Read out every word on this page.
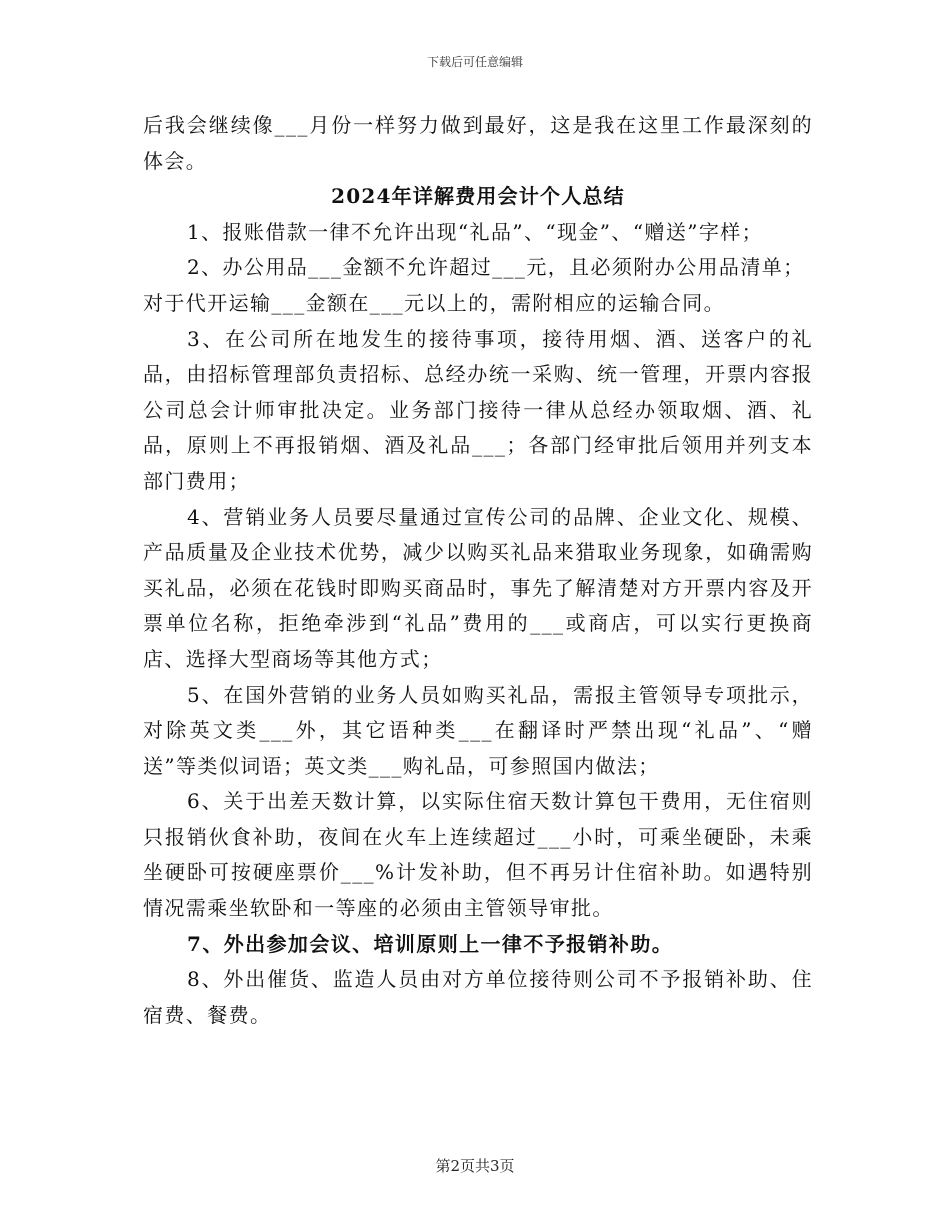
下载后可任意编辑

后我会继续像___月份一样努力做到最好，这是我在这里工作最深刻的体会。

2024年详解费用会计个人总结

1、报账借款一律不允许出现“礼品”、“现金”、“赠送”字样；

2、办公用品___金额不允许超过___元，且必须附办公用品清单；

对于代开运输___金额在___元以上的，需附相应的运输合同。

3、在公司所在地发生的接待事项，接待用烟、酒、送客户的礼品，由招标管理部负责招标、总经办统一采购、统一管理，开票内容报公司总会计师审批决定。业务部门接待一律从总经办领取烟、酒、礼品，原则上不再报销烟、酒及礼品___；各部门经审批后领用并列支本部门费用；

4、营销业务人员要尽量通过宣传公司的品牌、企业文化、规模、产品质量及企业技术优势，减少以购买礼品来猎取业务现象，如确需购买礼品，必须在花钱时即购买商品时，事先了解清楚对方开票内容及开票单位名称，拒绝牵涉到“礼品”费用的___或商店，可以实行更换商店、选择大型商场等其他方式；

5、在国外营销的业务人员如购买礼品，需报主管领导专项批示，对除英文类___外，其它语种类___在翻译时严禁出现“礼品”、“赠送”等类似词语；英文类___购礼品，可参照国内做法；

6、关于出差天数计算，以实际住宿天数计算包干费用，无住宿则只报销伙食补助，夜间在火车上连续超过___小时，可乘坐硬卧，未乘坐硬卧可按硬座票价___%计发补助，但不再另计住宿补助。如遇特别情况需乘坐软卧和一等座的必须由主管领导审批。

7、外出参加会议、培训原则上一律不予报销补助。

8、外出催货、监造人员由对方单位接待则公司不予报销补助、住宿费、餐费。

第2页共3页
